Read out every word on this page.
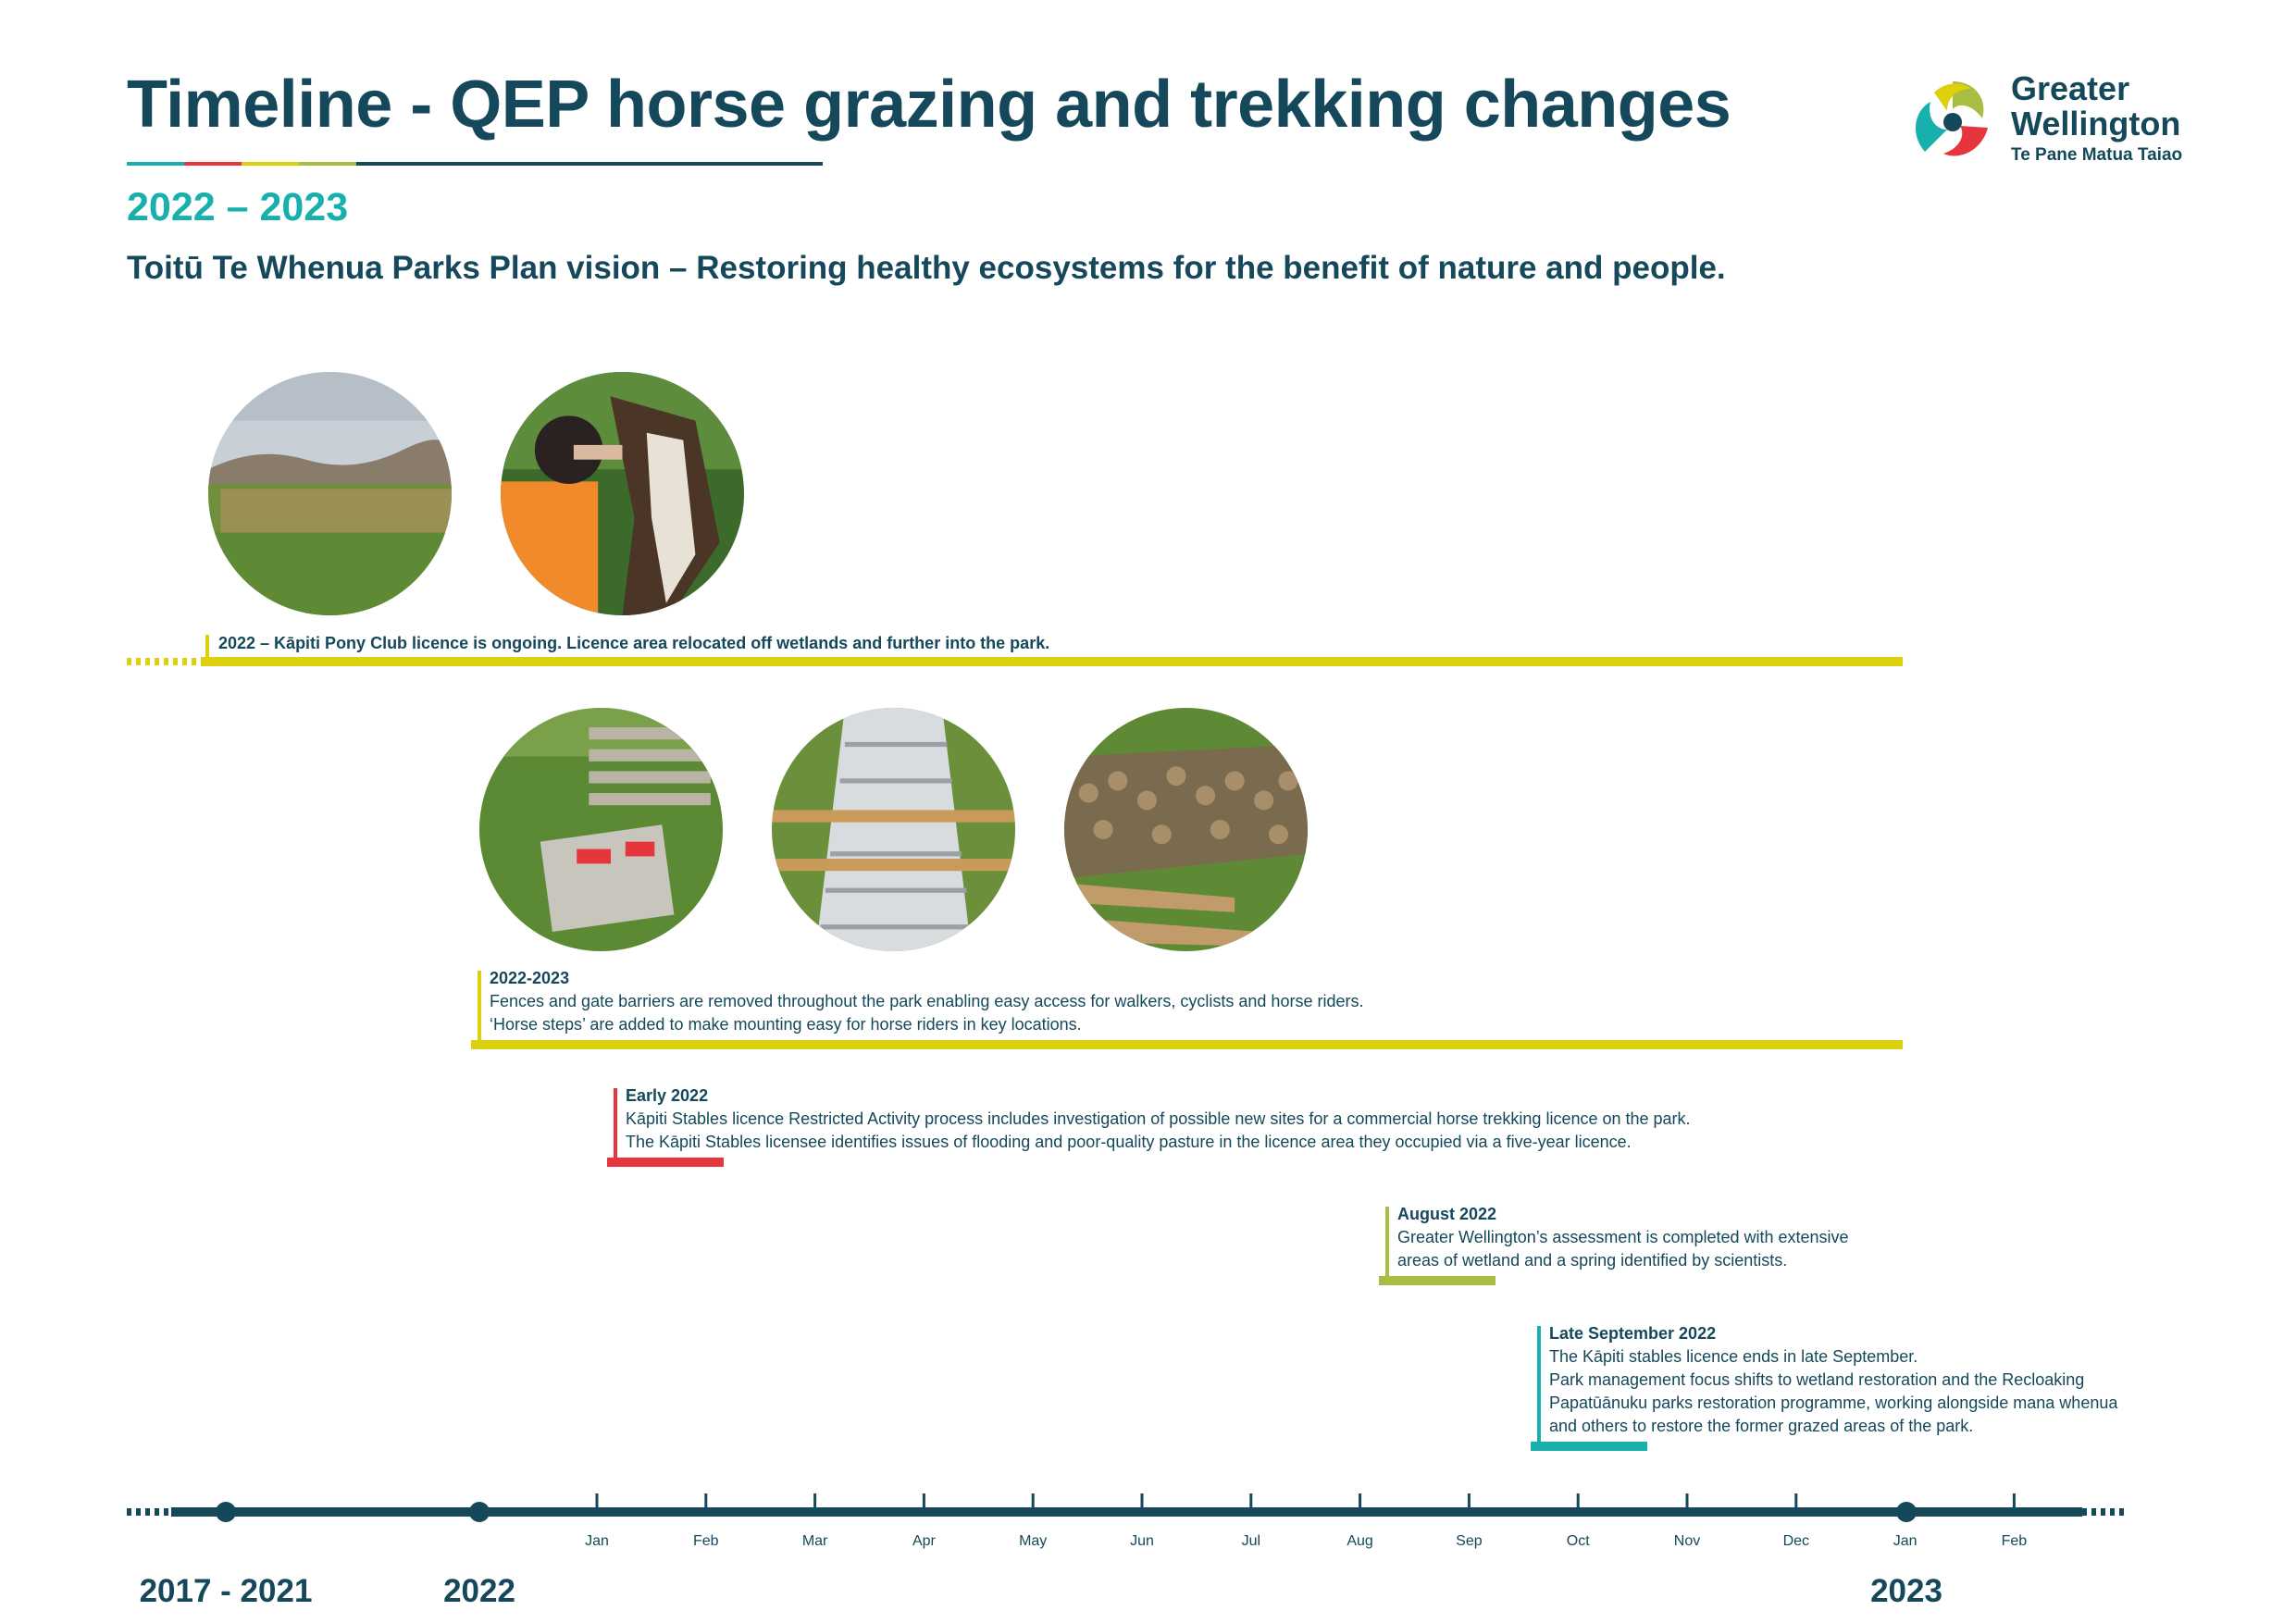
Timeline - QEP horse grazing and trekking changes
2022 – 2023
Toitū Te Whenua Parks Plan vision – Restoring healthy ecosystems for the benefit of nature and people.
Greater
Wellington
Te Pane Matua Taiao
2022 – Kāpiti Pony Club licence is ongoing. Licence area relocated off wetlands and further into the park.
2022-2023
Fences and gate barriers are removed throughout the park enabling easy access for walkers, cyclists and horse riders.
‘Horse steps’ are added to make mounting easy for horse riders in key locations.
Early 2022
Kāpiti Stables licence Restricted Activity process includes investigation of possible new sites for a commercial horse trekking licence on the park.
The Kāpiti Stables licensee identifies issues of flooding and poor-quality pasture in the licence area they occupied via a five-year licence.
August 2022
Greater Wellington’s assessment is completed with extensive
areas of wetland and a spring identified by scientists.
Late September 2022
The Kāpiti stables licence ends in late September.
Park management focus shifts to wetland restoration and the Recloaking
Papatūānuku parks restoration programme, working alongside mana whenua
and others to restore the former grazed areas of the park.
Jan	Feb	Mar	Apr	May	Jun	Jul	Aug	Sep	Oct	Nov	Dec	Jan	Feb
2017 - 2021	2022	2023
